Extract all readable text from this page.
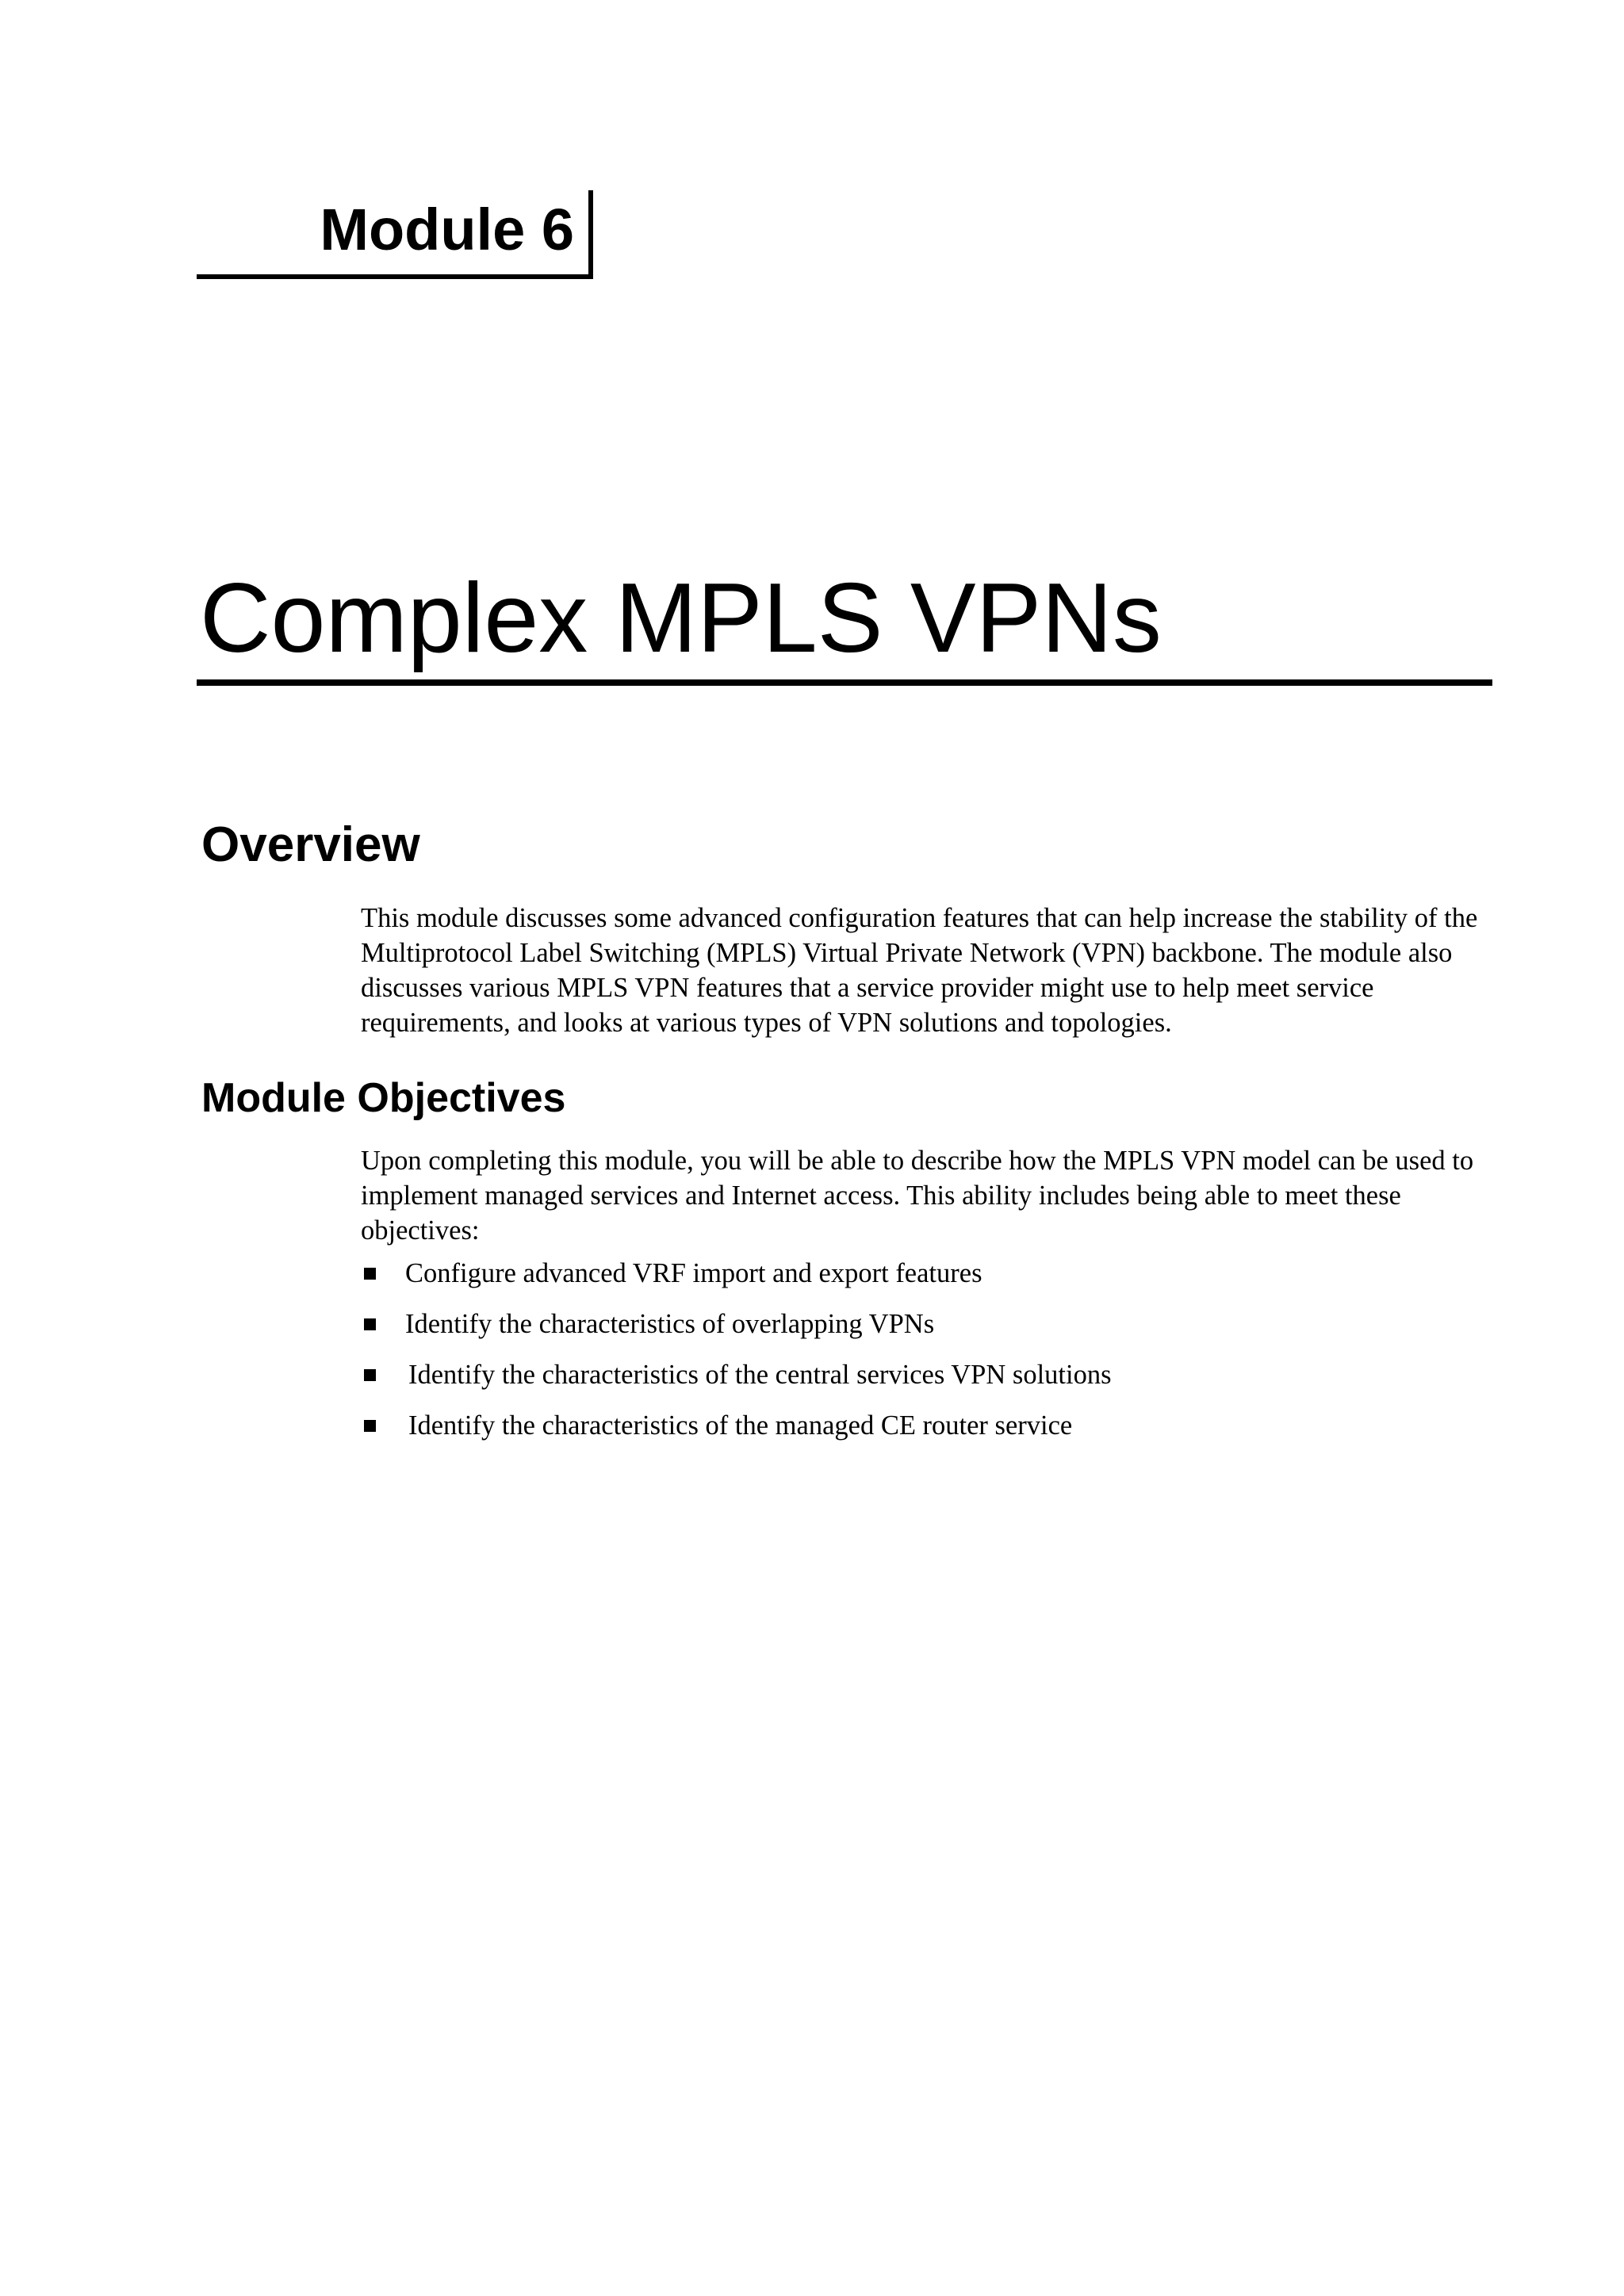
Module 6
Complex MPLS VPNs
Overview

This module discusses some advanced configuration features that can help increase the stability of the Multiprotocol Label Switching (MPLS) Virtual Private Network (VPN) backbone. The module also discusses various MPLS VPN features that a service provider might use to help meet service requirements, and looks at various types of VPN solutions and topologies.

Module Objectives

Upon completing this module, you will be able to describe how the MPLS VPN model can be used to implement managed services and Internet access. This ability includes being able to meet these objectives:

Configure advanced VRF import and export features
Identify the characteristics of overlapping VPNs
Identify the characteristics of the central services VPN solutions
Identify the characteristics of the managed CE router service
